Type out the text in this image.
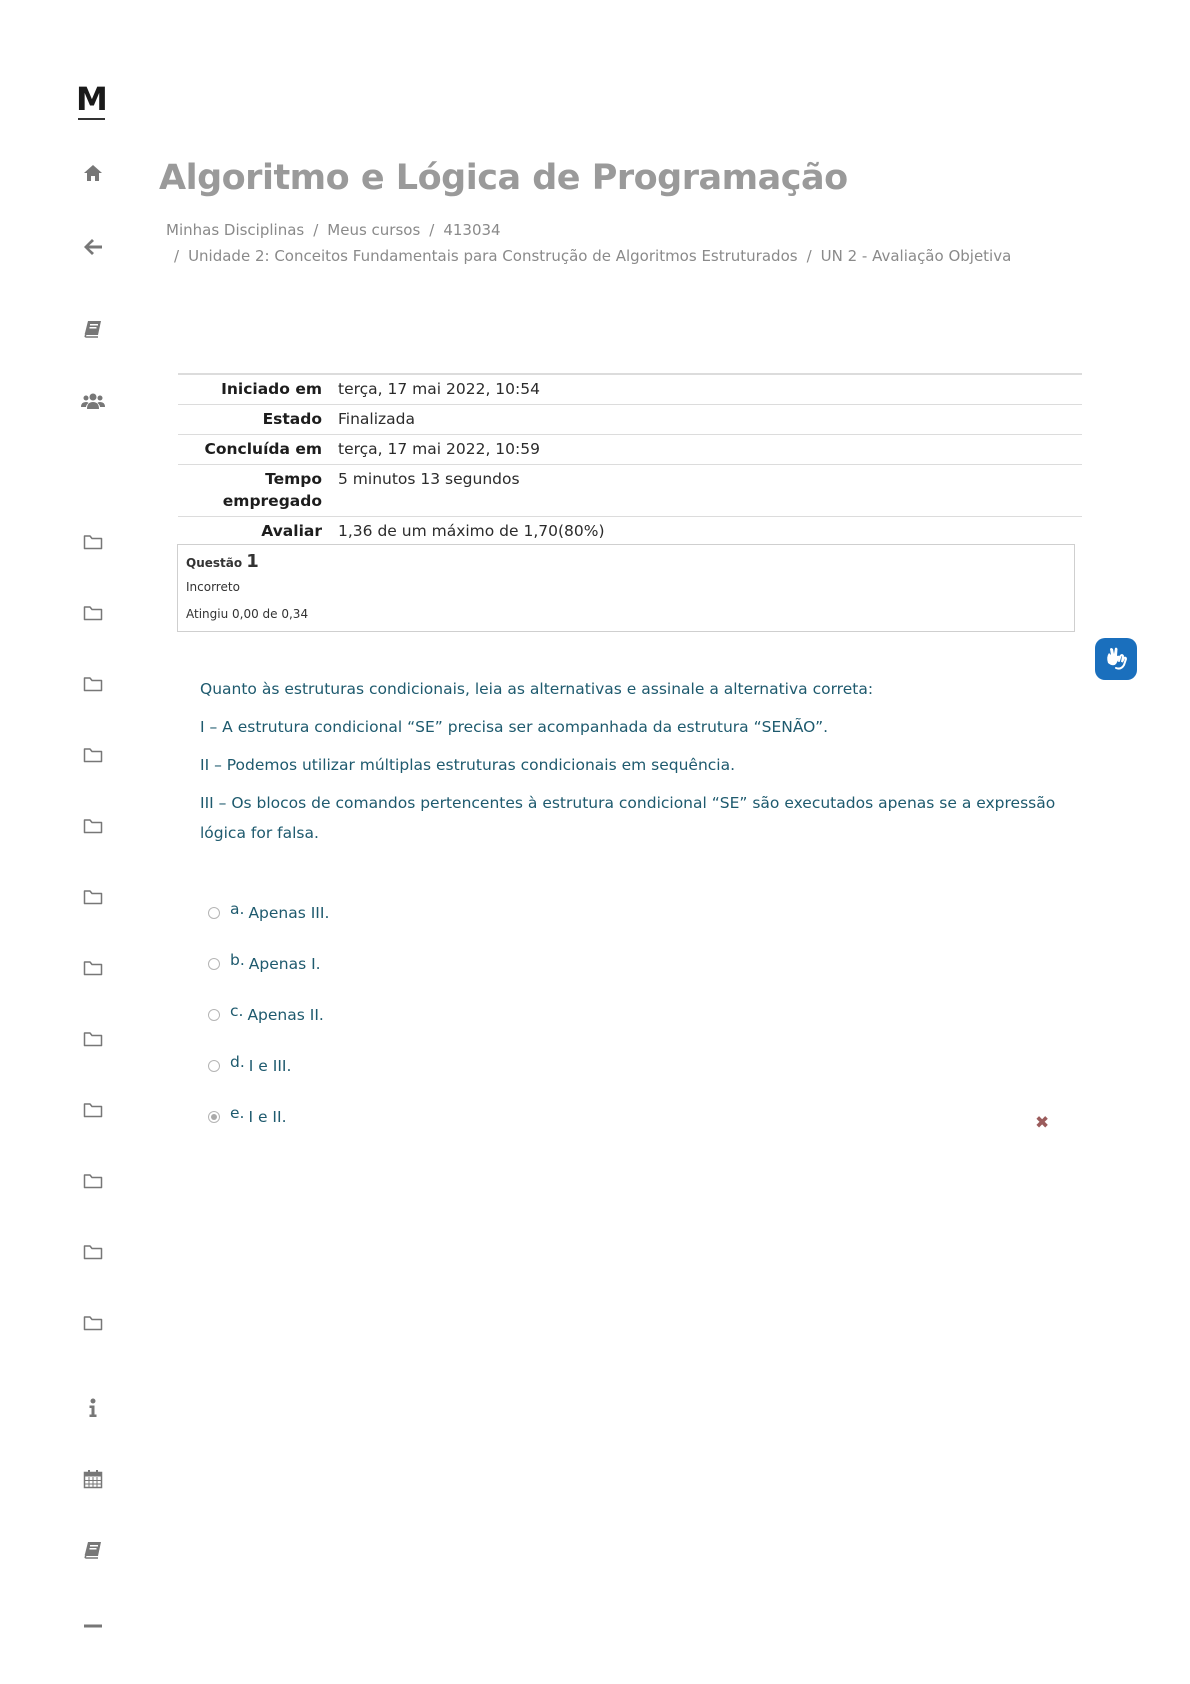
M
Algoritmo e Lógica de Programação
Minhas Disciplinas / Meus cursos / 413034
/ Unidade 2: Conceitos Fundamentais para Construção de Algoritmos Estruturados / UN 2 - Avaliação Objetiva
Iniciado em	terça, 17 mai 2022, 10:54
Estado	Finalizada
Concluída em	terça, 17 mai 2022, 10:59
Tempo
empregado	5 minutos 13 segundos
Avaliar	1,36 de um máximo de 1,70(80%)
Questão 1
Incorreto
Atingiu 0,00 de 0,34

Quanto às estruturas condicionais, leia as alternativas e assinale a alternativa correta:

I – A estrutura condicional “SE” precisa ser acompanhada da estrutura “SENÃO”.

II – Podemos utilizar múltiplas estruturas condicionais em sequência.

III – Os blocos de comandos pertencentes à estrutura condicional “SE” são executados apenas se a expressão lógica for falsa.

a. Apenas III.
b. Apenas I.
c. Apenas II.
d. I e III.
e. I e II.	✖
